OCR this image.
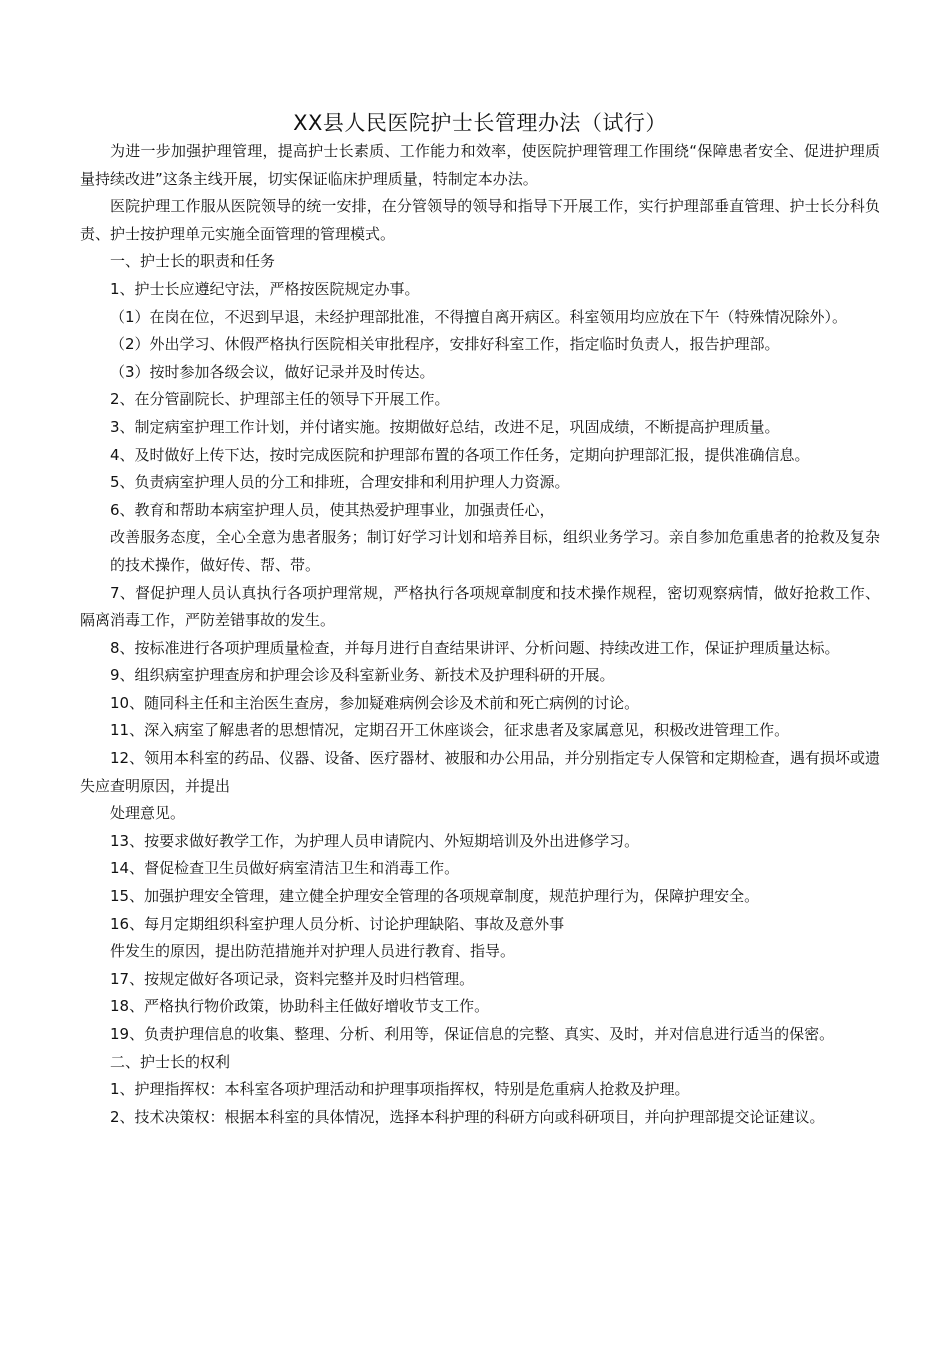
XX县人民医院护士长管理办法（试行）

为进一步加强护理管理，提高护士长素质、工作能力和效率，使医院护理管理工作围绕“保障患者安全、促进护理质量持续改进”这条主线开展，切实保证临床护理质量，特制定本办法。

医院护理工作服从医院领导的统一安排，在分管领导的领导和指导下开展工作，实行护理部垂直管理、护士长分科负责、护士按护理单元实施全面管理的管理模式。

一、护士长的职责和任务

1、护士长应遵纪守法，严格按医院规定办事。

（1）在岗在位，不迟到早退，未经护理部批准，不得擅自离开病区。科室领用均应放在下午（特殊情况除外）。

（2）外出学习、休假严格执行医院相关审批程序，安排好科室工作，指定临时负责人，报告护理部。

（3）按时参加各级会议，做好记录并及时传达。

2、在分管副院长、护理部主任的领导下开展工作。

3、制定病室护理工作计划，并付诸实施。按期做好总结，改进不足，巩固成绩，不断提高护理质量。

4、及时做好上传下达，按时完成医院和护理部布置的各项工作任务，定期向护理部汇报，提供准确信息。

5、负责病室护理人员的分工和排班，合理安排和利用护理人力资源。

6、教育和帮助本病室护理人员，使其热爱护理事业，加强责任心，

改善服务态度，全心全意为患者服务；制订好学习计划和培养目标，组织业务学习。亲自参加危重患者的抢救及复杂的技术操作，做好传、帮、带。

7、督促护理人员认真执行各项护理常规，严格执行各项规章制度和技术操作规程，密切观察病情，做好抢救工作、隔离消毒工作，严防差错事故的发生。

8、按标准进行各项护理质量检查，并每月进行自查结果讲评、分析问题、持续改进工作，保证护理质量达标。

9、组织病室护理查房和护理会诊及科室新业务、新技术及护理科研的开展。

10、随同科主任和主治医生查房，参加疑难病例会诊及术前和死亡病例的讨论。

11、深入病室了解患者的思想情况，定期召开工休座谈会，征求患者及家属意见，积极改进管理工作。

12、领用本科室的药品、仪器、设备、医疗器材、被服和办公用品，并分别指定专人保管和定期检查，遇有损坏或遗失应查明原因，并提出

处理意见。

13、按要求做好教学工作，为护理人员申请院内、外短期培训及外出进修学习。

14、督促检查卫生员做好病室清洁卫生和消毒工作。

15、加强护理安全管理，建立健全护理安全管理的各项规章制度，规范护理行为，保障护理安全。

16、每月定期组织科室护理人员分析、讨论护理缺陷、事故及意外事

件发生的原因，提出防范措施并对护理人员进行教育、指导。

17、按规定做好各项记录，资料完整并及时归档管理。

18、严格执行物价政策，协助科主任做好增收节支工作。

19、负责护理信息的收集、整理、分析、利用等，保证信息的完整、真实、及时，并对信息进行适当的保密。

二、护士长的权利

1、护理指挥权：本科室各项护理活动和护理事项指挥权，特别是危重病人抢救及护理。

2、技术决策权：根据本科室的具体情况，选择本科护理的科研方向或科研项目，并向护理部提交论证建议。
